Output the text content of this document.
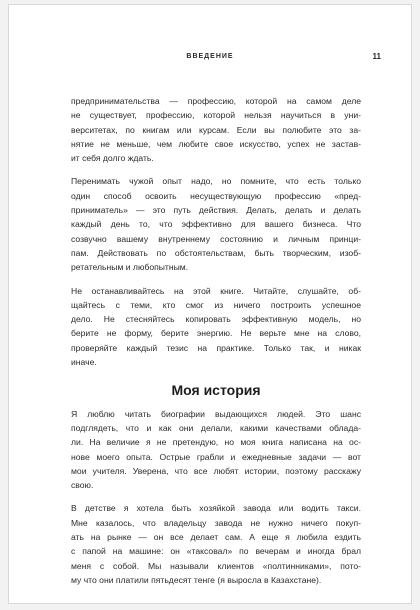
ВВЕДЕНИЕ	11

предпринимательства — профессию, которой на самом деле
не существует, профессию, которой нельзя научиться в уни-
верситетах, по книгам или курсам. Если вы полюбите это за-
нятие не меньше, чем любите свое искусство, успех не застав-
ит себя долго ждать.

Перенимать чужой опыт надо, но помните, что есть только
один способ освоить несуществующую профессию «пред-
приниматель» — это путь действия. Делать, делать и делать
каждый день то, что эффективно для вашего бизнеса. Что
созвучно вашему внутреннему состоянию и личным принци-
пам. Действовать по обстоятельствам, быть творческим, изоб-
ретательным и любопытным.

Не останавливайтесь на этой книге. Читайте, слушайте, об-
щайтесь с теми, кто смог из ничего построить успешное
дело. Не стесняйтесь копировать эффективную модель, но
берите не форму, берите энергию. Не верьте мне на слово,
проверяйте каждый тезис на практике. Только так, и никак
иначе.

Моя история

Я люблю читать биографии выдающихся людей. Это шанс
подглядеть, что и как они делали, какими качествами облада-
ли. На величие я не претендую, но моя книга написана на ос-
нове моего опыта. Острые грабли и ежедневные задачи — вот
мои учителя. Уверена, что все любят истории, поэтому расскажу
свою.

В детстве я хотела быть хозяйкой завода или водить такси.
Мне казалось, что владельцу завода не нужно ничего покуп-
ать на рынке — он все делает сам. А еще я любила ездить
с папой на машине: он «таксовал» по вечерам и иногда брал
меня с собой. Мы называли клиентов «полтинниками», пото-
му что они платили пятьдесят тенге (я выросла в Казахстане).
